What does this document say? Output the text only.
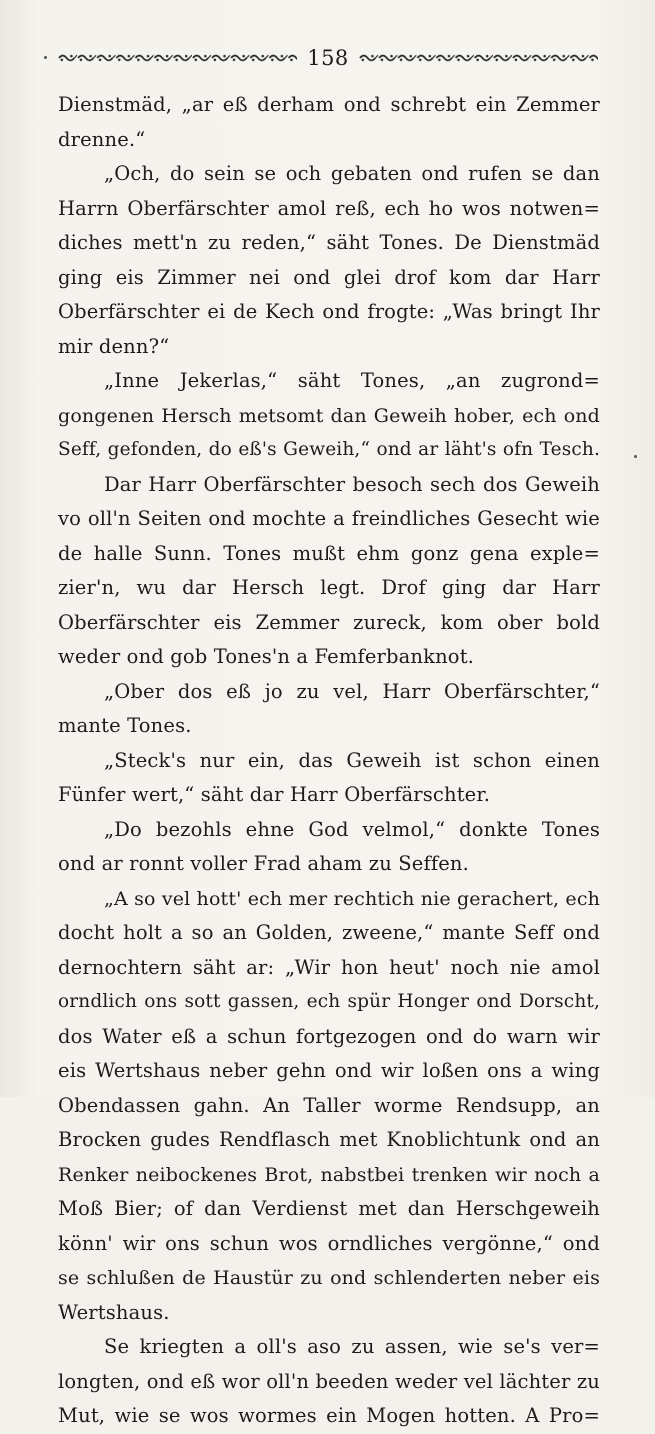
158
Dienstmäd, „ar eß derham ond schrebt ein Zemmer
drenne.“
„Och, do sein se och gebaten ond rufen se dan
Harrn Oberfärschter amol reß, ech ho wos notwen=
diches mett'n zu reden,“ säht Tones. De Dienstmäd
ging eis Zimmer nei ond glei drof kom dar Harr
Oberfärschter ei de Kech ond frogte: „Was bringt Ihr
mir denn?“
„Inne Jekerlas,“ säht Tones, „an zugrond=
gongenen Hersch metsomt dan Geweih hober, ech ond
Seff, gefonden, do eß's Geweih,“ ond ar läht's ofn Tesch.
Dar Harr Oberfärschter besoch sech dos Geweih
vo oll'n Seiten ond mochte a freindliches Gesecht wie
de halle Sunn. Tones mußt ehm gonz gena exple=
zier'n, wu dar Hersch legt. Drof ging dar Harr
Oberfärschter eis Zemmer zureck, kom ober bold
weder ond gob Tones'n a Femferbanknot.
„Ober dos eß jo zu vel, Harr Oberfärschter,“
mante Tones.
„Steck's nur ein, das Geweih ist schon einen
Fünfer wert,“ säht dar Harr Oberfärschter.
„Do bezohls ehne God velmol,“ donkte Tones
ond ar ronnt voller Frad aham zu Seffen.
„A so vel hott' ech mer rechtich nie gerachert, ech
docht holt a so an Golden, zweene,“ mante Seff ond
dernochtern säht ar: „Wir hon heut' noch nie amol
orndlich ons sott gassen, ech spür Honger ond Dorscht,
dos Water eß a schun fortgezogen ond do warn wir
eis Wertshaus neber gehn ond wir loßen ons a wing
Obendassen gahn. An Taller worme Rendsupp, an
Brocken gudes Rendflasch met Knoblichtunk ond an
Renker neibockenes Brot, nabstbei trenken wir noch a
Moß Bier; of dan Verdienst met dan Herschgeweih
könn' wir ons schun wos orndliches vergönne,“ ond
se schlußen de Haustür zu ond schlenderten neber eis
Wertshaus.
Se kriegten a oll's aso zu assen, wie se's ver=
longten, ond eß wor oll'n beeden weder vel lächter zu
Mut, wie se wos wormes ein Mogen hotten. A Pro=
